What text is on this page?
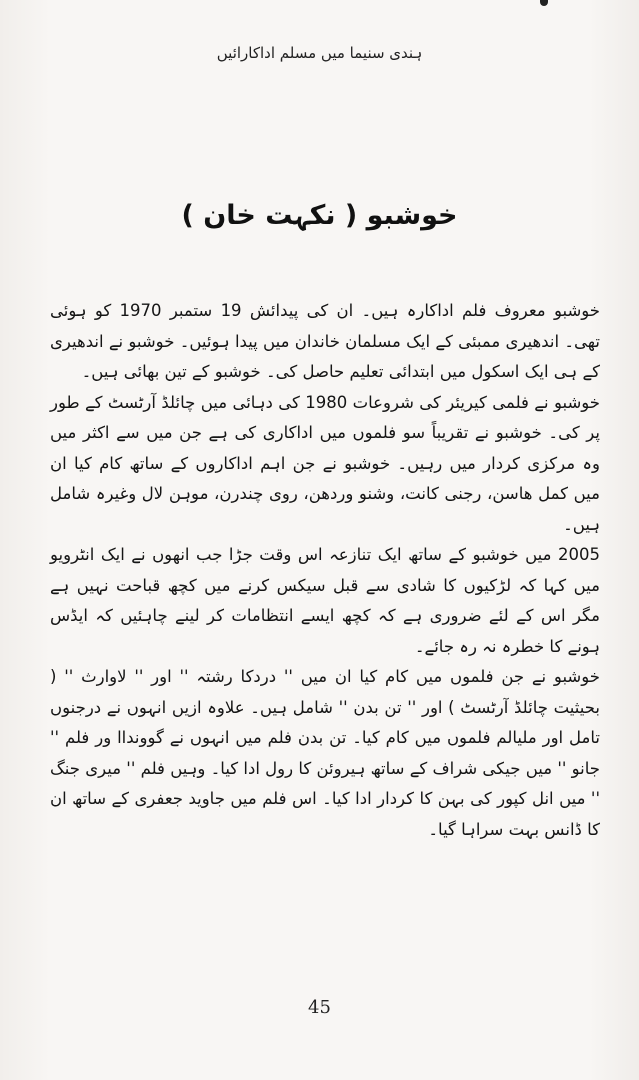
ہندی سنیما میں مسلم اداکارائیں
خوشبو ( نکہت خان )

خوشبو معروف فلم اداکارہ ہیں۔ ان کی پیدائش 19 ستمبر 1970 کو ہوئی تھی۔ اندھیری ممبئی کے ایک مسلمان خاندان میں پیدا ہوئیں۔ خوشبو نے اندھیری کے ہی ایک اسکول میں ابتدائی تعلیم حاصل کی۔ خوشبو کے تین بھائی ہیں۔

خوشبو نے فلمی کیریئر کی شروعات 1980 کی دہائی میں چائلڈ آرٹسٹ کے طور پر کی۔ خوشبو نے تقریباً سو فلموں میں اداکاری کی ہے جن میں سے اکثر میں وہ مرکزی کردار میں رہیں۔ خوشبو نے جن اہم اداکاروں کے ساتھ کام کیا ان میں کمل ھاسن، رجنی کانت، وشنو وردھن، روی چندرن، موہن لال وغیرہ شامل ہیں۔

2005 میں خوشبو کے ساتھ ایک تنازعہ اس وقت جڑا جب انھوں نے ایک انٹرویو میں کہا کہ لڑکیوں کا شادی سے قبل سیکس کرنے میں کچھ قباحت نہیں ہے مگر اس کے لئے ضروری ہے کہ کچھ ایسے انتظامات کر لینے چاہئیں کہ ایڈس ہونے کا خطرہ نہ رہ جائے۔

خوشبو نے جن فلموں میں کام کیا ان میں '' دردکا رشتہ '' اور '' لاوارث '' ( بحیثیت چائلڈ آرٹسٹ ) اور '' تن بدن '' شامل ہیں۔ علاوہ ازیں انہوں نے درجنوں تامل اور ملیالم فلموں میں کام کیا۔ تن بدن فلم میں انہوں نے گوونداا ور فلم '' جانو '' میں جیکی شراف کے ساتھ ہیروئن کا رول ادا کیا۔ وہیں فلم '' میری جنگ '' میں انل کپور کی بہن کا کردار ادا کیا۔ اس فلم میں جاوید جعفری کے ساتھ ان کا ڈانس بہت سراہا گیا۔

45
